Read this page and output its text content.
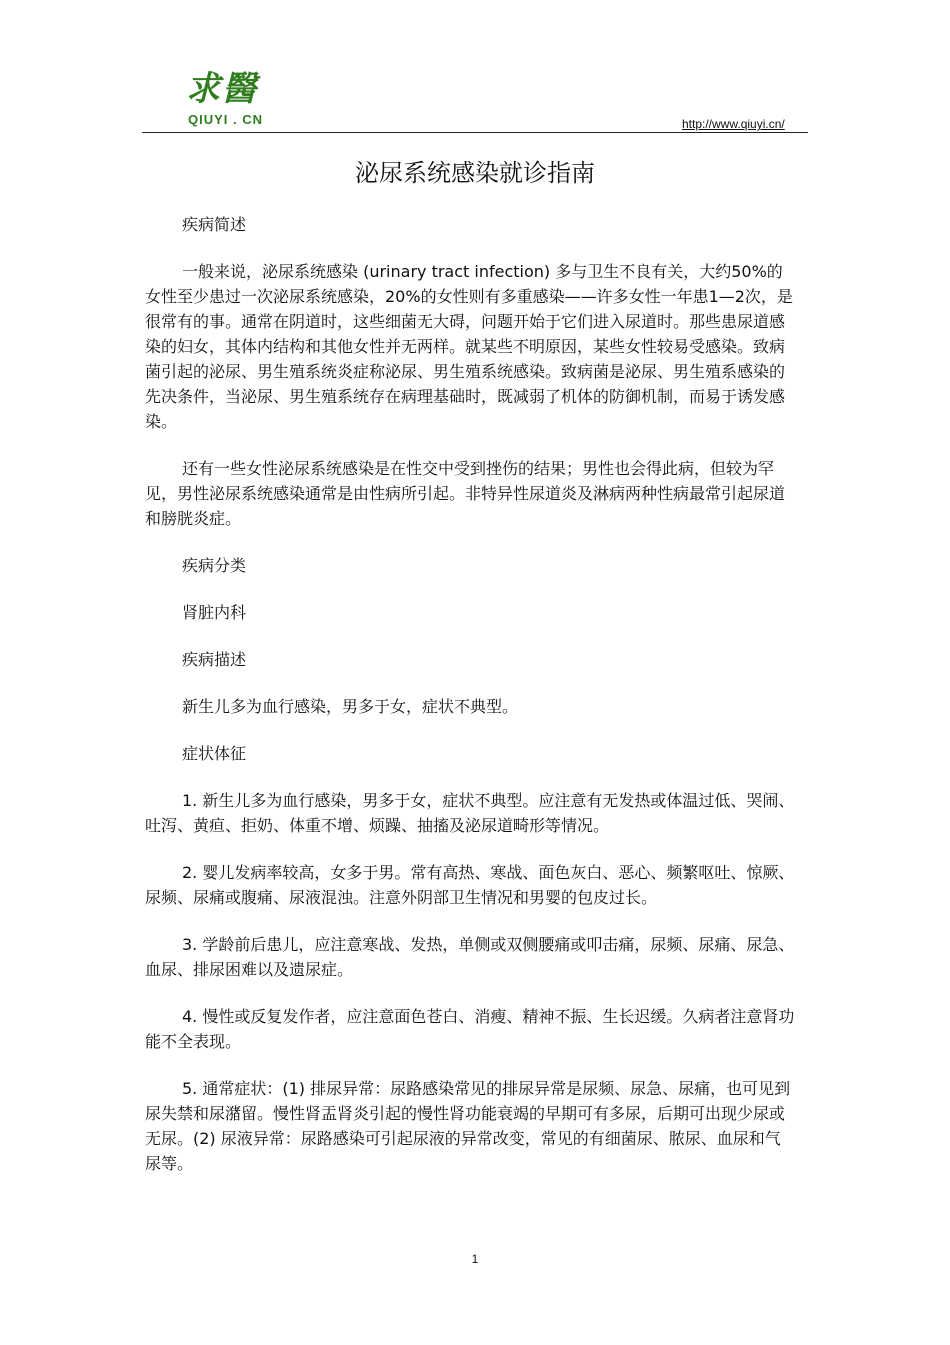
求醫
QIUYI . CN	http://www.qiuyi.cn/
泌尿系统感染就诊指南

疾病简述

一般来说，泌尿系统感染 (urinary tract infection) 多与卫生不良有关，大约50%的女性至少患过一次泌尿系统感染，20%的女性则有多重感染——许多女性一年患1—2次，是很常有的事。通常在阴道时，这些细菌无大碍，问题开始于它们进入尿道时。那些患尿道感染的妇女，其体内结构和其他女性并无两样。就某些不明原因，某些女性较易受感染。致病菌引起的泌尿、男生殖系统炎症称泌尿、男生殖系统感染。致病菌是泌尿、男生殖系感染的先决条件，当泌尿、男生殖系统存在病理基础时，既减弱了机体的防御机制，而易于诱发感染。

还有一些女性泌尿系统感染是在性交中受到挫伤的结果；男性也会得此病，但较为罕见，男性泌尿系统感染通常是由性病所引起。非特异性尿道炎及淋病两种性病最常引起尿道和膀胱炎症。

疾病分类

肾脏内科

疾病描述

新生儿多为血行感染，男多于女，症状不典型。

症状体征

1. 新生儿多为血行感染，男多于女，症状不典型。应注意有无发热或体温过低、哭闹、吐泻、黄疸、拒奶、体重不增、烦躁、抽搐及泌尿道畸形等情况。

2. 婴儿发病率较高，女多于男。常有高热、寒战、面色灰白、恶心、频繁呕吐、惊厥、尿频、尿痛或腹痛、尿液混浊。注意外阴部卫生情况和男婴的包皮过长。

3. 学龄前后患儿，应注意寒战、发热，单侧或双侧腰痛或叩击痛，尿频、尿痛、尿急、血尿、排尿困难以及遗尿症。

4. 慢性或反复发作者，应注意面色苍白、消瘦、精神不振、生长迟缓。久病者注意肾功能不全表现。

5. 通常症状：(1) 排尿异常：尿路感染常见的排尿异常是尿频、尿急、尿痛，也可见到尿失禁和尿潴留。慢性肾盂肾炎引起的慢性肾功能衰竭的早期可有多尿，后期可出现少尿或无尿。(2) 尿液异常：尿路感染可引起尿液的异常改变，常见的有细菌尿、脓尿、血尿和气尿等。

1
